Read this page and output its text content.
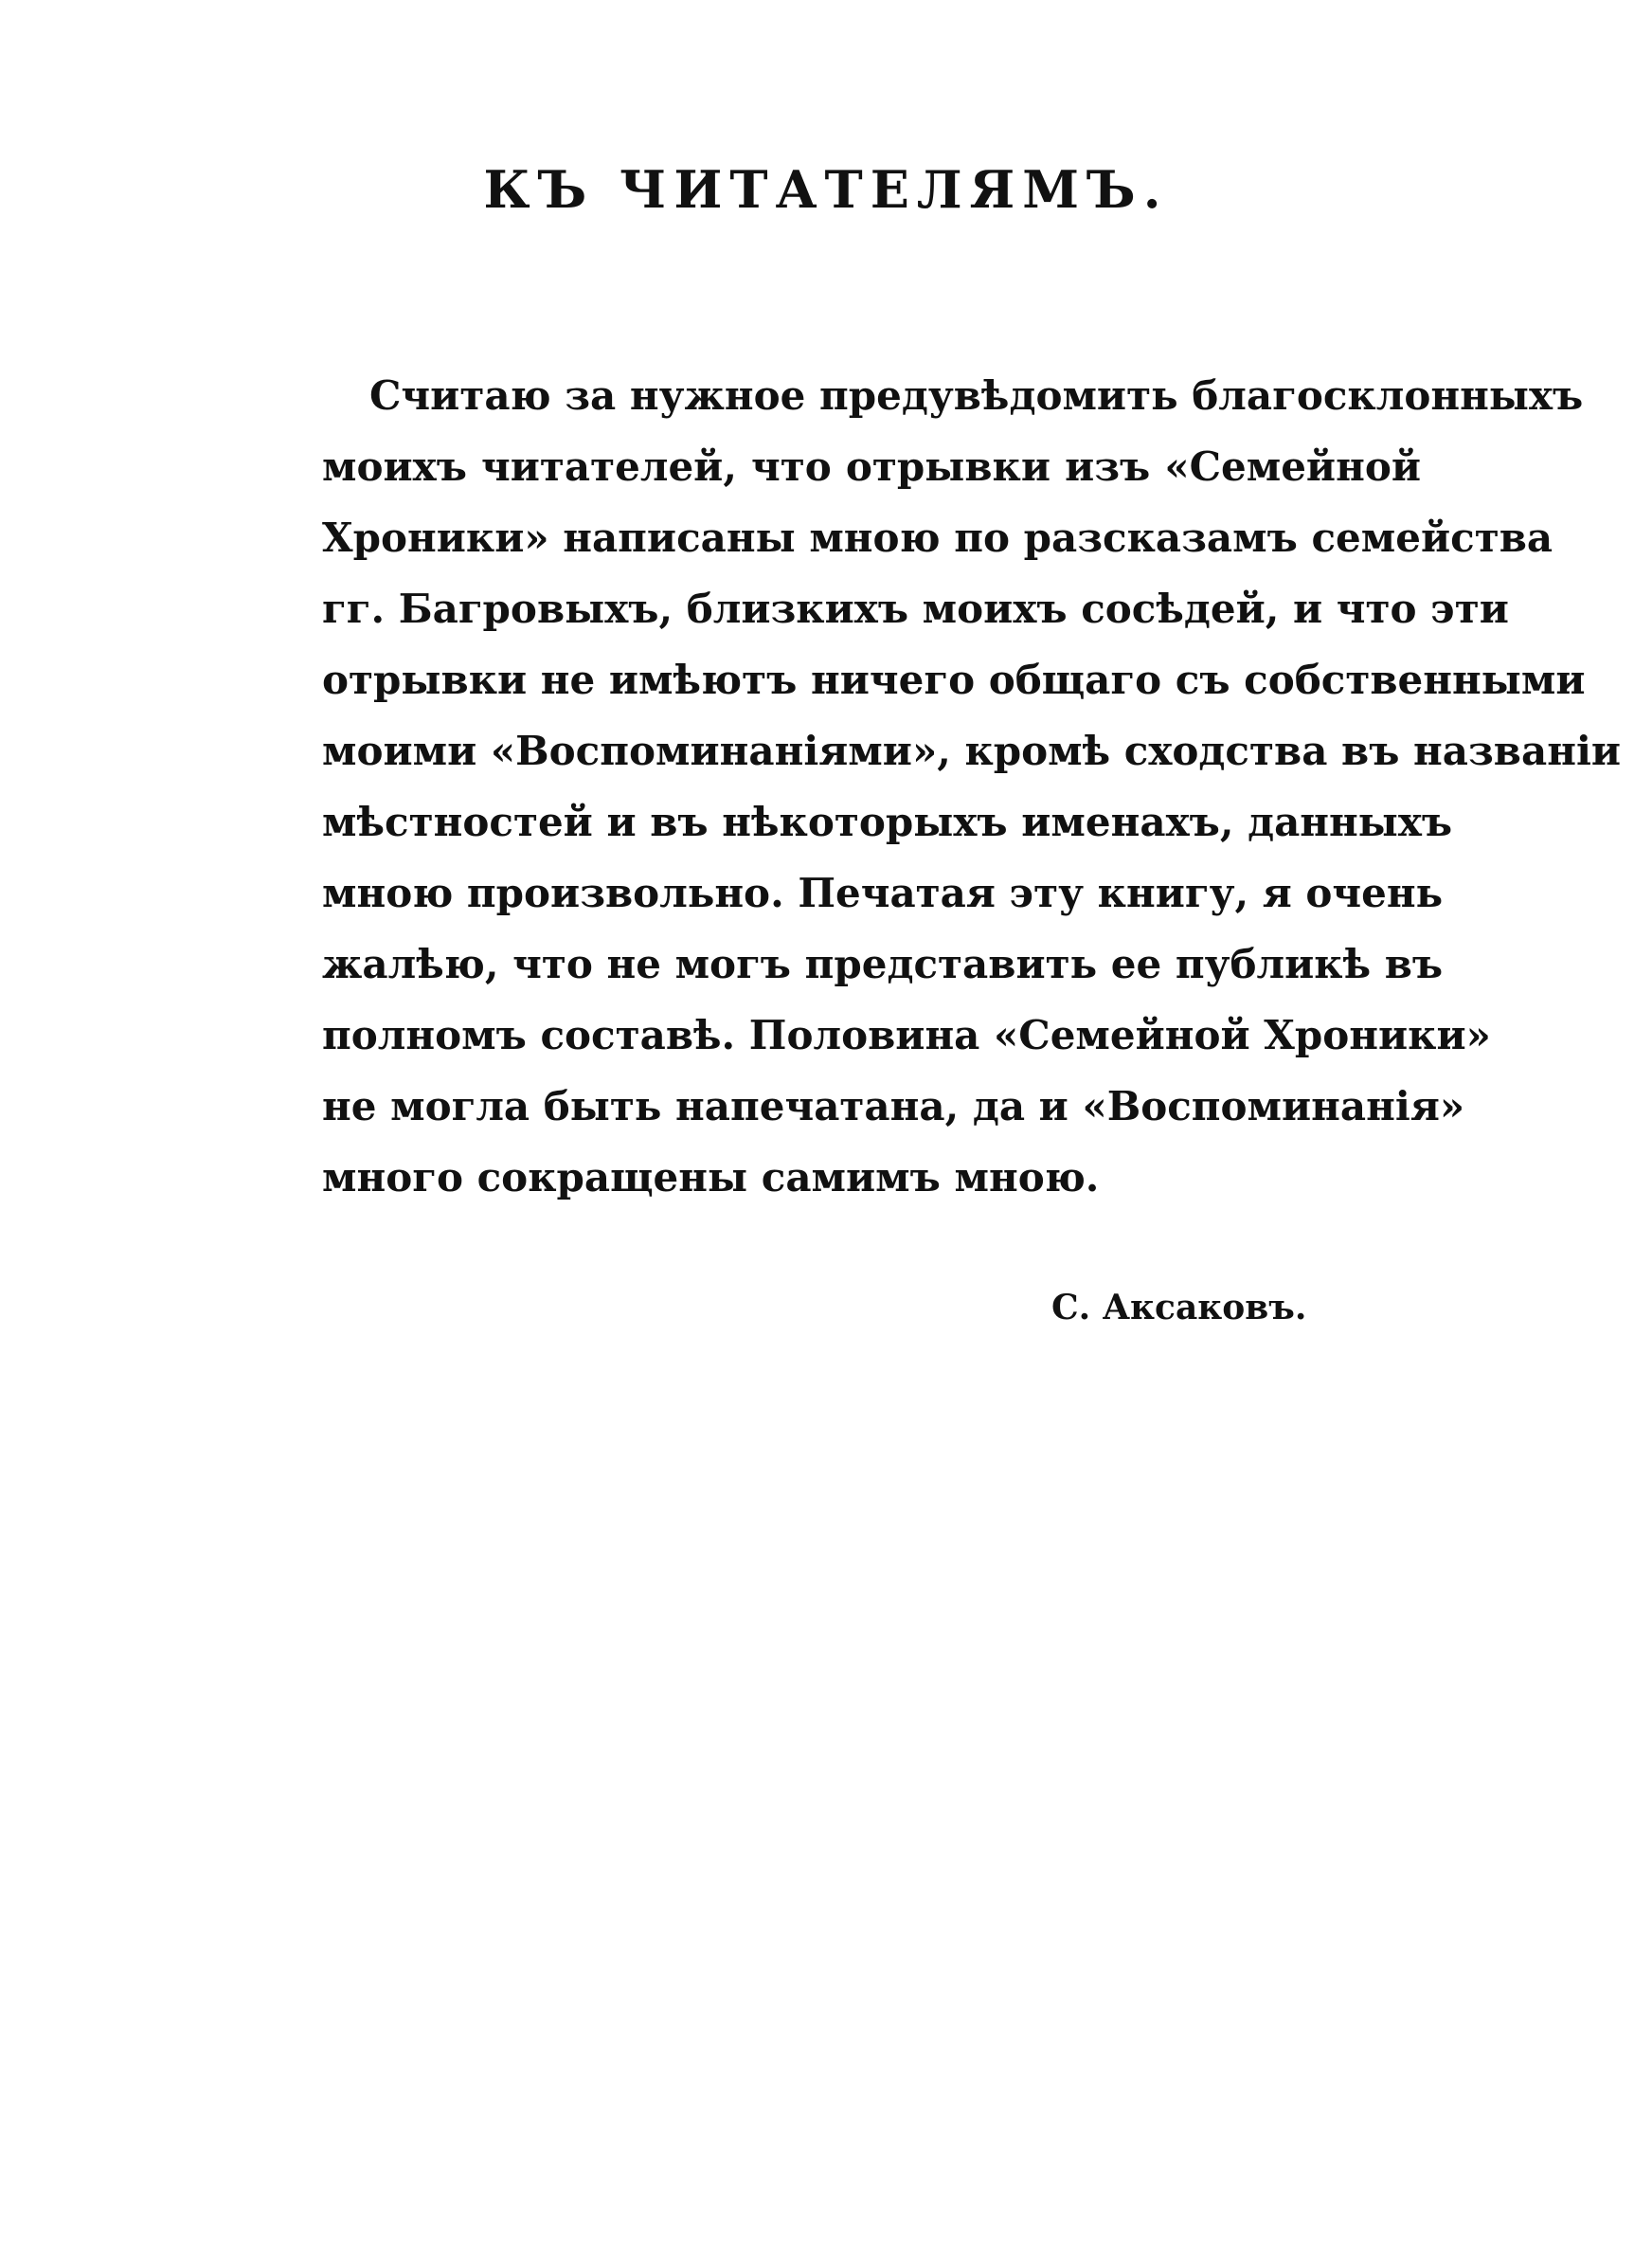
КЪ ЧИТАТЕЛЯМЪ.
Считаю за нужное предувѣдомить благосклонныхъ
моихъ читателей, что отрывки изъ «Семейной
Хроники» написаны мною по разсказамъ семейства
гг. Багровыхъ, близкихъ моихъ сосѣдей, и что эти
отрывки не имѣютъ ничего общаго съ собственными
моими «Воспоминаніями», кромѣ сходства въ названіи
мѣстностей и въ нѣкоторыхъ именахъ, данныхъ
мною произвольно. Печатая эту книгу, я очень
жалѣю, что не могъ представить ее публикѣ въ
полномъ составѣ. Половина «Семейной Хроники»
не могла быть напечатана, да и «Воспоминанія»
много сокращены самимъ мною.
С. Аксаковъ.
